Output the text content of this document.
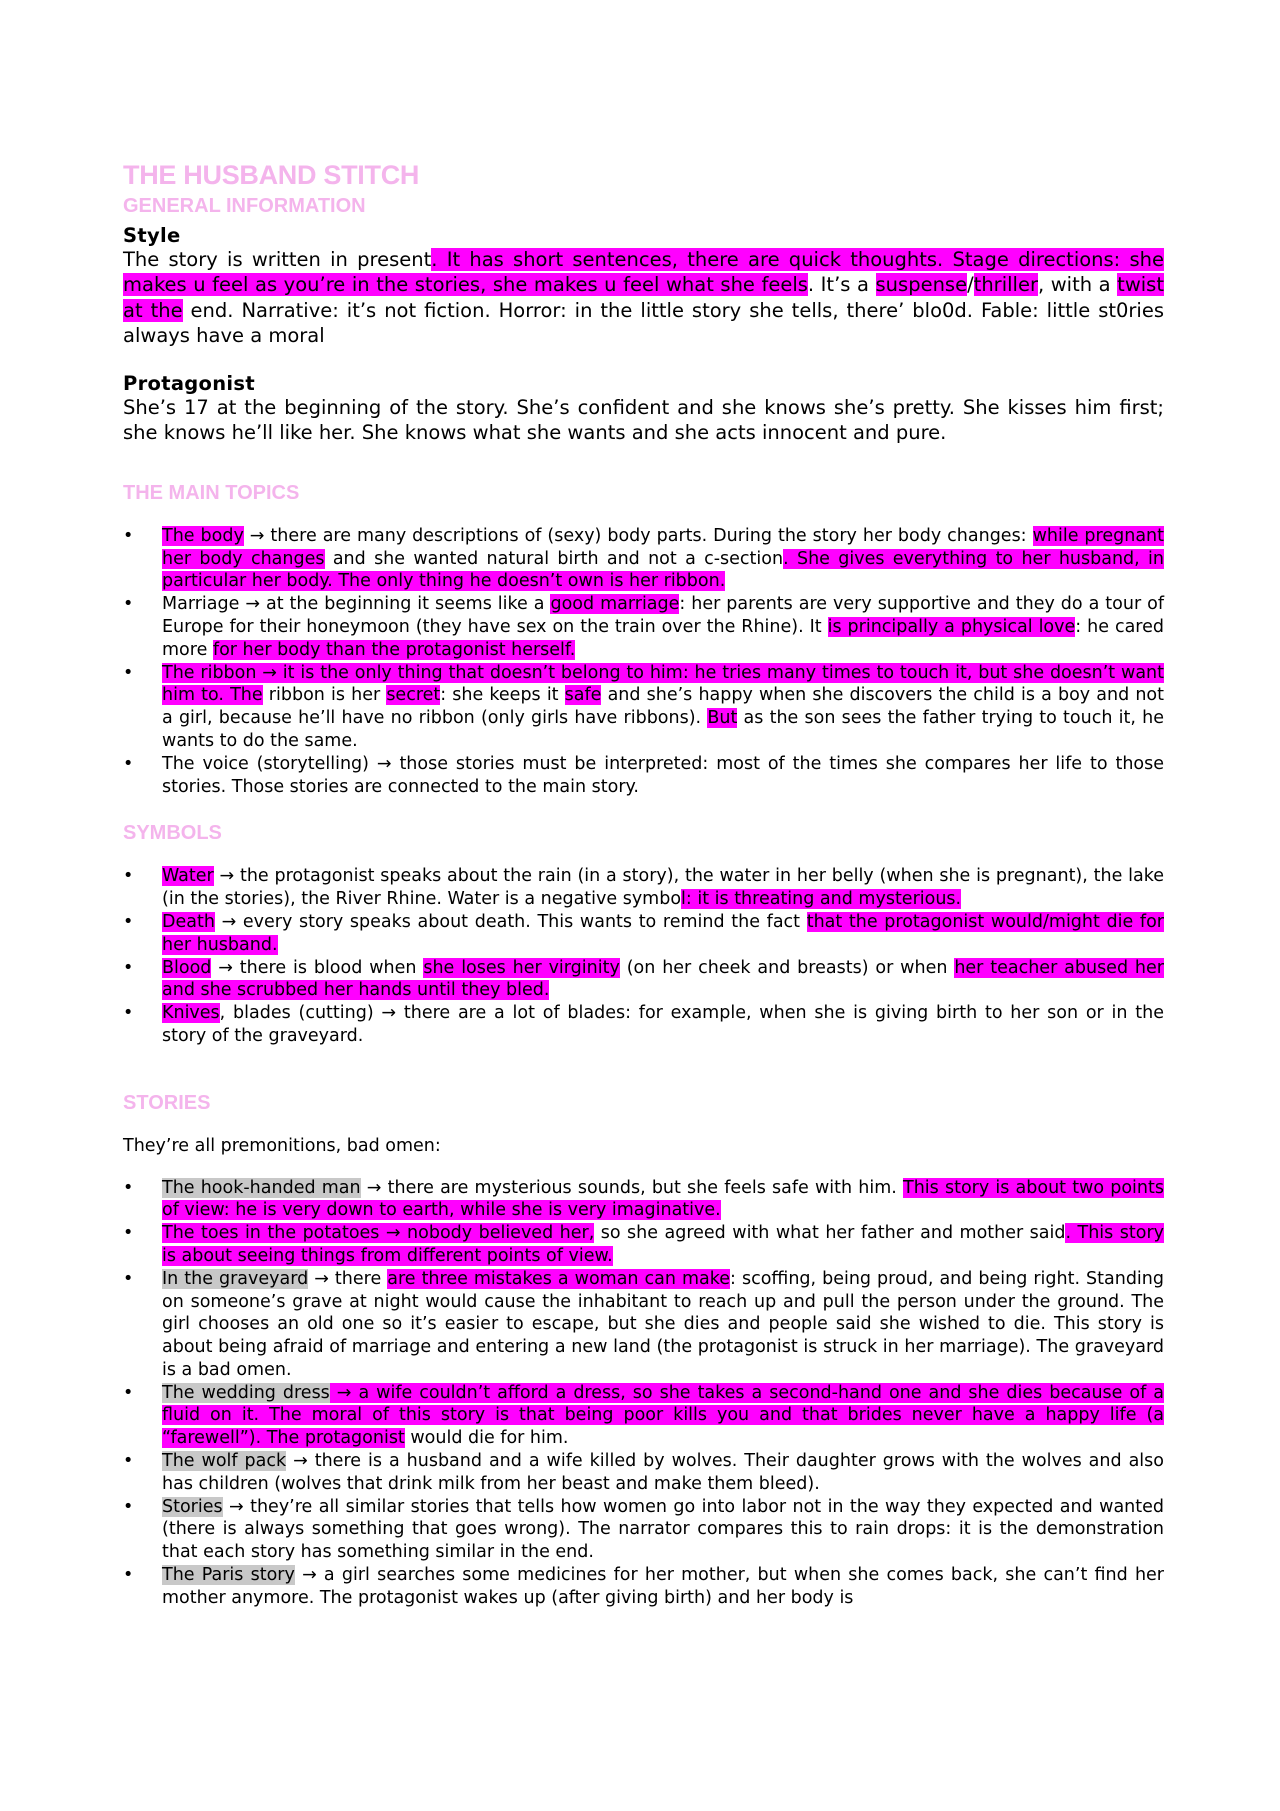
THE HUSBAND STITCH
GENERAL INFORMATION
Style

The story is written in present. It has short sentences, there are quick thoughts. Stage directions: she makes u feel as you’re in the stories, she makes u feel what she feels. It’s a suspense/thriller, with a twist at the end. Narrative: it’s not fiction. Horror: in the little story she tells, there’ blo0d. Fable: little st0ries always have a moral

Protagonist

She’s 17 at the beginning of the story. She’s confident and she knows she’s pretty. She kisses him first; she knows he’ll like her. She knows what she wants and she acts innocent and pure.

THE MAIN TOPICS
• The body → there are many descriptions of (sexy) body parts. During the story her body changes: while pregnant her body changes and she wanted natural birth and not a c-section. She gives everything to her husband, in particular her body. The only thing he doesn’t own is her ribbon.
• Marriage → at the beginning it seems like a good marriage: her parents are very supportive and they do a tour of Europe for their honeymoon (they have sex on the train over the Rhine). It is principally a physical love: he cared more for her body than the protagonist herself.
• The ribbon → it is the only thing that doesn’t belong to him: he tries many times to touch it, but she doesn’t want him to. The ribbon is her secret: she keeps it safe and she’s happy when she discovers the child is a boy and not a girl, because he’ll have no ribbon (only girls have ribbons). But as the son sees the father trying to touch it, he wants to do the same.
• The voice (storytelling) → those stories must be interpreted: most of the times she compares her life to those stories. Those stories are connected to the main story.
SYMBOLS
• Water → the protagonist speaks about the rain (in a story), the water in her belly (when she is pregnant), the lake (in the stories), the River Rhine. Water is a negative symbol: it is threating and mysterious.
• Death → every story speaks about death. This wants to remind the fact that the protagonist would/might die for her husband.
• Blood → there is blood when she loses her virginity (on her cheek and breasts) or when her teacher abused her and she scrubbed her hands until they bled.
• Knives, blades (cutting) → there are a lot of blades: for example, when she is giving birth to her son or in the story of the graveyard.
STORIES

They’re all premonitions, bad omen:

• The hook-handed man → there are mysterious sounds, but she feels safe with him. This story is about two points of view: he is very down to earth, while she is very imaginative.
• The toes in the potatoes → nobody believed her, so she agreed with what her father and mother said. This story is about seeing things from different points of view.
• In the graveyard → there are three mistakes a woman can make: scoffing, being proud, and being right. Standing on someone’s grave at night would cause the inhabitant to reach up and pull the person under the ground. The girl chooses an old one so it’s easier to escape, but she dies and people said she wished to die. This story is about being afraid of marriage and entering a new land (the protagonist is struck in her marriage). The graveyard is a bad omen.
• The wedding dress → a wife couldn’t afford a dress, so she takes a second-hand one and she dies because of a fluid on it. The moral of this story is that being poor kills you and that brides never have a happy life (a “farewell”). The protagonist would die for him.
• The wolf pack → there is a husband and a wife killed by wolves. Their daughter grows with the wolves and also has children (wolves that drink milk from her beast and make them bleed).
• Stories → they’re all similar stories that tells how women go into labor not in the way they expected and wanted (there is always something that goes wrong). The narrator compares this to rain drops: it is the demonstration that each story has something similar in the end.
• The Paris story → a girl searches some medicines for her mother, but when she comes back, she can’t find her mother anymore. The protagonist wakes up (after giving birth) and her body is
